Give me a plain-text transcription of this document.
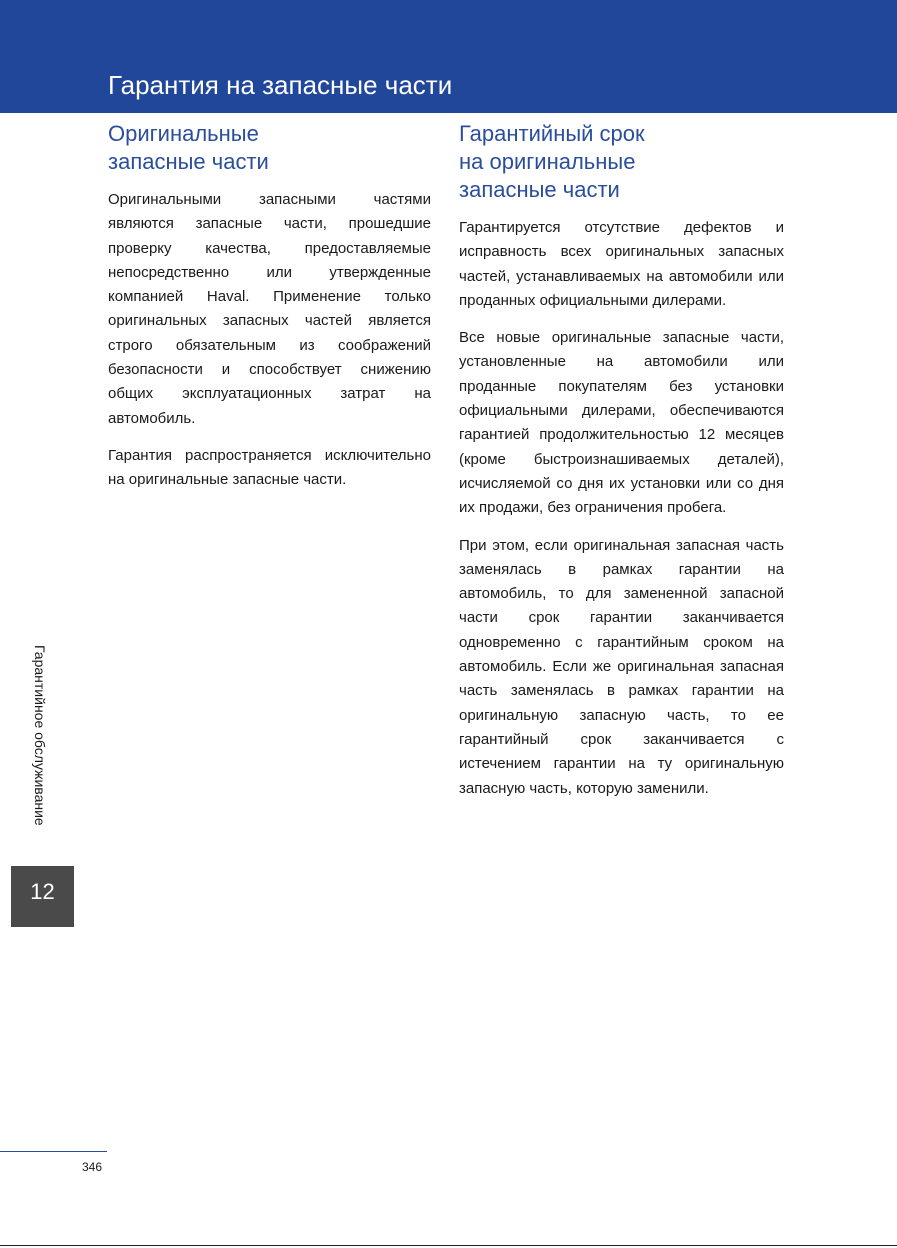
Гарантия на запасные части
Оригинальные
запасные части

Оригинальными запасными частями являются запасные части, прошедшие проверку качества, предоставляемые непосредственно или утвержденные компанией Haval. Применение только оригинальных запасных частей является строго обязательным из соображений безопасности и способствует снижению общих эксплуатационных затрат на автомобиль.

Гарантия распространяется исключительно на оригинальные запасные части.

Гарантийный срок
на оригинальные
запасные части

Гарантируется отсутствие дефектов и исправность всех оригинальных запасных частей, устанавливаемых на автомобили или проданных официальными дилерами.

Все новые оригинальные запасные части, установленные на автомобили или проданные покупателям без установки официальными дилерами, обеспечиваются гарантией продолжительностью 12 месяцев (кроме быстроизнашиваемых деталей), исчисляемой со дня их установки или со дня их продажи, без ограничения пробега.

При этом, если оригинальная запасная часть заменялась в рамках гарантии на автомобиль, то для замененной запасной части срок гарантии заканчивается одновременно с гарантийным сроком на автомобиль. Если же оригинальная запасная часть заменялась в рамках гарантии на оригинальную запасную часть, то ее гарантийный срок заканчивается с истечением гарантии на ту оригинальную запасную часть, которую заменили.

Гарантийное обслуживание
12
346
